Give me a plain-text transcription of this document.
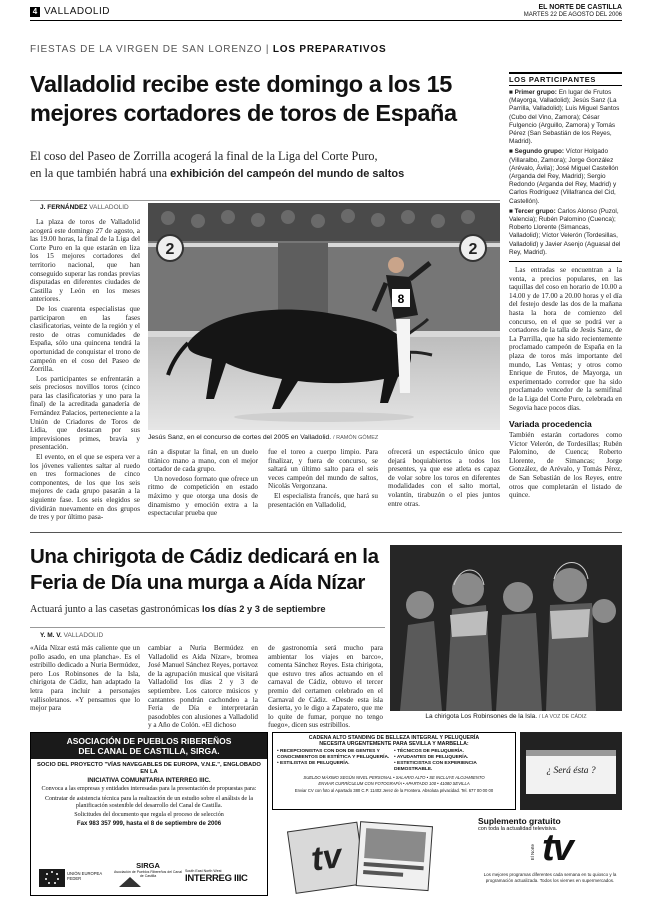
4 VALLADOLID	EL NORTE DE CASTILLA
MARTES 22 DE AGOSTO DEL 2006
FIESTAS DE LA VIRGEN DE SAN LORENZO | LOS PREPARATIVOS
Valladolid recibe este domingo a los 15
mejores cortadores de toros de España
El coso del Paseo de Zorrilla acogerá la final de la Liga del Corte Puro,
en la que también habrá una exhibición del campeón del mundo de saltos
J. FERNÁNDEZ VALLADOLID

La plaza de toros de Valladolid acogerá este domingo 27 de agosto, a las 19.00 horas, la final de la Liga del Corte Puro en la que estarán en liza los 15 mejores cortadores del territorio nacional, que han conseguido superar las rondas previas disputadas en diferentes ciudades de Castilla y León en los meses anteriores.

De los cuarenta especialistas que participaron en las fases clasificatorias, veinte de la región y el resto de otras comunidades de España, sólo una quincena tendrá la oportunidad de conquistar el trono de campeón en el coso del Paseo de Zorrilla.

Los participantes se enfrentarán a seis preciosos novillos toros (cinco para las clasificatorias y uno para la final) de la acreditada ganadería de Fernández Palacios, perteneciente a la Unión de Criadores de Toros de Lidia, que destacan por sus imprevisiones primes, bravía y presentación.

El evento, en el que se espera ver a los jóvenes valientes saltar al ruedo en tres formaciones de cinco componentes, de los que los seis mejores de cada grupo pasarán a la siguiente fase. Los seis elegidos se dividirán nuevamente en dos grupos de tres y por último pasa-

2	2
8
Jesús Sanz, en el concurso de cortes del 2005 en Valladolid. / RAMÓN GÓMEZ

rán a disputar la final, en un duelo titánico mano a mano, con el mejor cortador de cada grupo.

Un novedoso formato que ofrece un ritmo de competición en estado máximo y que otorga una dosis de dinamismo y emoción extra a la espectacular prueba que

fue el toreo a cuerpo limpio. Para finalizar, y fuera de concurso, se saltará un último salto para el seis veces campeón del mundo de saltos, Nicolás Vergonzana.

El especialista francés, que hará su presentación en Valladolid,

ofrecerá un espectáculo único que dejará boquiabiertos a todos los presentes, ya que ese atleta es capaz de volar sobre los toros en diferentes modalidades con el salto mortal, volantín, tirabuzón o el pies juntos entre otras.

LOS PARTICIPANTES
■ Primer grupo: En lugar de Frutos (Mayorga, Valladolid); Jesús Sanz (La Parrilla, Valladolid); Luis Miguel Santos (Cubo del Vino, Zamora); César Fulgencio (Arguillo, Zamora) y Tomás Pérez (San Sebastián de los Reyes, Madrid).
■ Segundo grupo: Víctor Holgado (Villaralbo, Zamora); Jorge González (Arévalo, Ávila); José Miguel Castellón (Arganda del Rey, Madrid); Sergio Redondo (Arganda del Rey, Madrid) y Carlos Rodríguez (Villafranca del Cid, Castellón).
■ Tercer grupo: Carlos Alonso (Puzol, Valencia); Rubén Palomino (Cuenca); Roberto Llorente (Simancas, Valladolid); Víctor Velerón (Tordesillas, Valladolid) y Javier Asenjo (Aguasal del Rey, Madrid).

Las entradas se encuentran a la venta, a precios populares, en las taquillas del coso en horario de 10.00 a 14.00 y de 17.00 a 20.00 horas y el día del festejo desde las dos de la mañana hasta la hora de comienzo del concurso, en el que se podrá ver a cortadores de la talla de Jesús Sanz, de La Parrilla, que ha sido recientemente proclamado campeón de España en la plaza de toros más importante del mundo, Las Ventas; y otros como Enrique de Frutos, de Mayorga, un experimentado corredor que ha sido proclamado vencedor de la semifinal de la Liga del Corte Puro, celebrada en Segovia hace pocos días.

Variada procedencia

También estarán cortadores como Víctor Velerón, de Tordesillas; Rubén Palomino, de Cuenca; Roberto Llorente, de Simancas; Jorge González, de Arévalo, y Tomás Pérez, de San Sebastián de los Reyes, entre otros que completarán el listado de quince.

Una chirigota de Cádiz dedicará en la
Feria de Día una murga a Aída Nízar
Actuará junto a las casetas gastronómicas los días 2 y 3 de septiembre
Y. M. V. VALLADOLID

«Aída Nízar está más caliente que un pollo asado, en una plancha». Es el estribillo dedicado a Nuria Bermúdez, pero Los Robinsones de la Isla, chirigota de Cádiz, han adaptado la letra para incluir a personajes vallisoletanos. «Y pensamos que lo mejor para

cambiar a Nuria Bermúdez en Valladolid es Aída Nízar», bromea José Manuel Sánchez Reyes, portavoz de la agrupación musical que visitará Valladolid los días 2 y 3 de septiembre. Los catorce músicos y cantantes pondrán cachondeo a la Feria de Día e interpretarán pasodobles con alusiones a Valladolid y a Año de Colón. «El dichoso

de gastronomía será mucho para ambientar los viajes en barco», comenta Sánchez Reyes. Esta chirigota, que estuvo tres años actuando en el carnaval de Cádiz, obtuvo el tercer premio del certamen celebrado en el Carnaval de Cádiz. «Desde esta isla desierta, yo le digo a Zapatero, que me lo quite de fumar, porque no tengo fuego», dicen sus estribillos.

La chirigota Los Robinsones de la Isla. / LA VOZ DE CÁDIZ
ASOCIACIÓN DE PUEBLOS RIBEREÑOS
DEL CANAL DE CASTILLA, SIRGA.
SOCIO DEL PROYECTO "VÍAS NAVEGABLES DE EUROPA, V.N.E.", ENGLOBADO EN LA
INICIATIVA COMUNITARIA INTERREG IIIC.
Convoca a las empresas y entidades interesadas para la presentación de propuestas para:
Contratar de asistencia técnica para la realización de un estudio sobre el análisis de la planificación sostenible del desarrollo del Canal de Castilla.
Solicitudes del documento que regula el proceso de selección
Fax 983 357 999, hasta el 8 de septiembre de 2006
SIRGA
Asociación de Pueblos Ribereños del Canal de Castilla
UNIÓN EUROPEA
FEDER
South East North West
INTERREG IIIC
CADENA ALTO STANDING DE BELLEZA INTEGRAL Y PELUQUERÍA
NECESITA URGENTEMENTE PARA SEVILLA Y MARBELLA:
• RECEPCIONISTAS CON DON DE GENTES Y CONOCIMIENTOS DE ESTÉTICA Y PELUQUERÍA.
• ESTILISTAS DE PELUQUERÍA.
• TÉCNICOS DE PELUQUERÍA.
• AYUDANTES DE PELUQUERÍA.
• ESTETICISTAS CON EXPERIENCIA DEMOSTRABLE.
SUELDO MÁXIMO SEGÚN NIVEL PERSONAL • SALARIO ALTO • SE INCLUYE ALOJAMIENTO
ENVIAR CURRÍCULUM CON FOTOGRAFÍA • APARTADO 100 • 41080 SEVILLA
Enviar CV con foto al Apartado 380 C.P. 11402 Jerez de la Frontera. Absoluta privacidad. Tel. 677 00 00 00
¿ Será ésta ?
tv
Suplemento gratuito
con toda la actualidad televisiva.
El Norte tv
Los mejores programas diferentes cada semana en tu quiosco y la programación actualizada. Todos los viernes en supermercados.
